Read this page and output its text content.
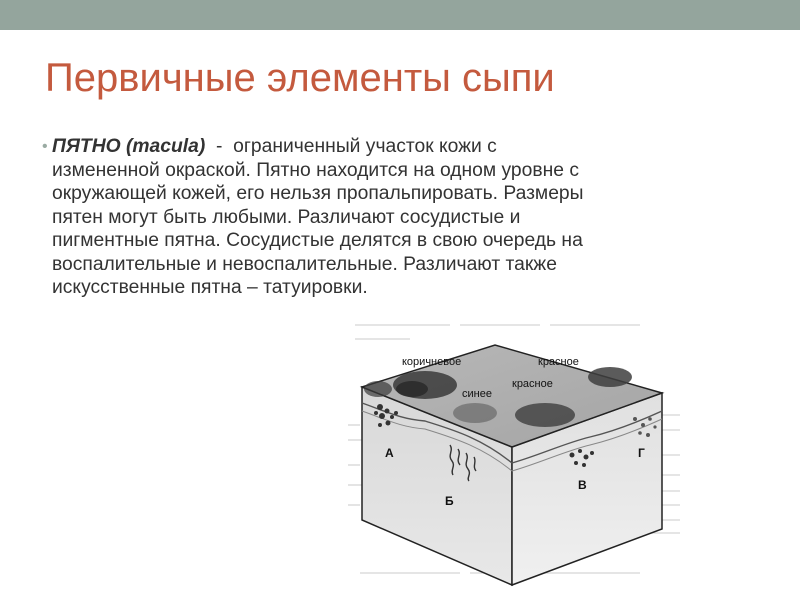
Первичные элементы сыпи
• ПЯТНО (macula)  -  ограниченный участок кожи с
измененной окраской. Пятно находится на одном уровне с
окружающей кожей, его нельзя пропальпировать. Размеры
пятен могут быть любыми. Различают сосудистые и
пигментные пятна. Сосудистые делятся в свою очередь на
воспалительные и невоспалительные. Различают также
искусственные пятна – татуировки.
коричневое	красное
красное
синее
А
Б
В
Г
